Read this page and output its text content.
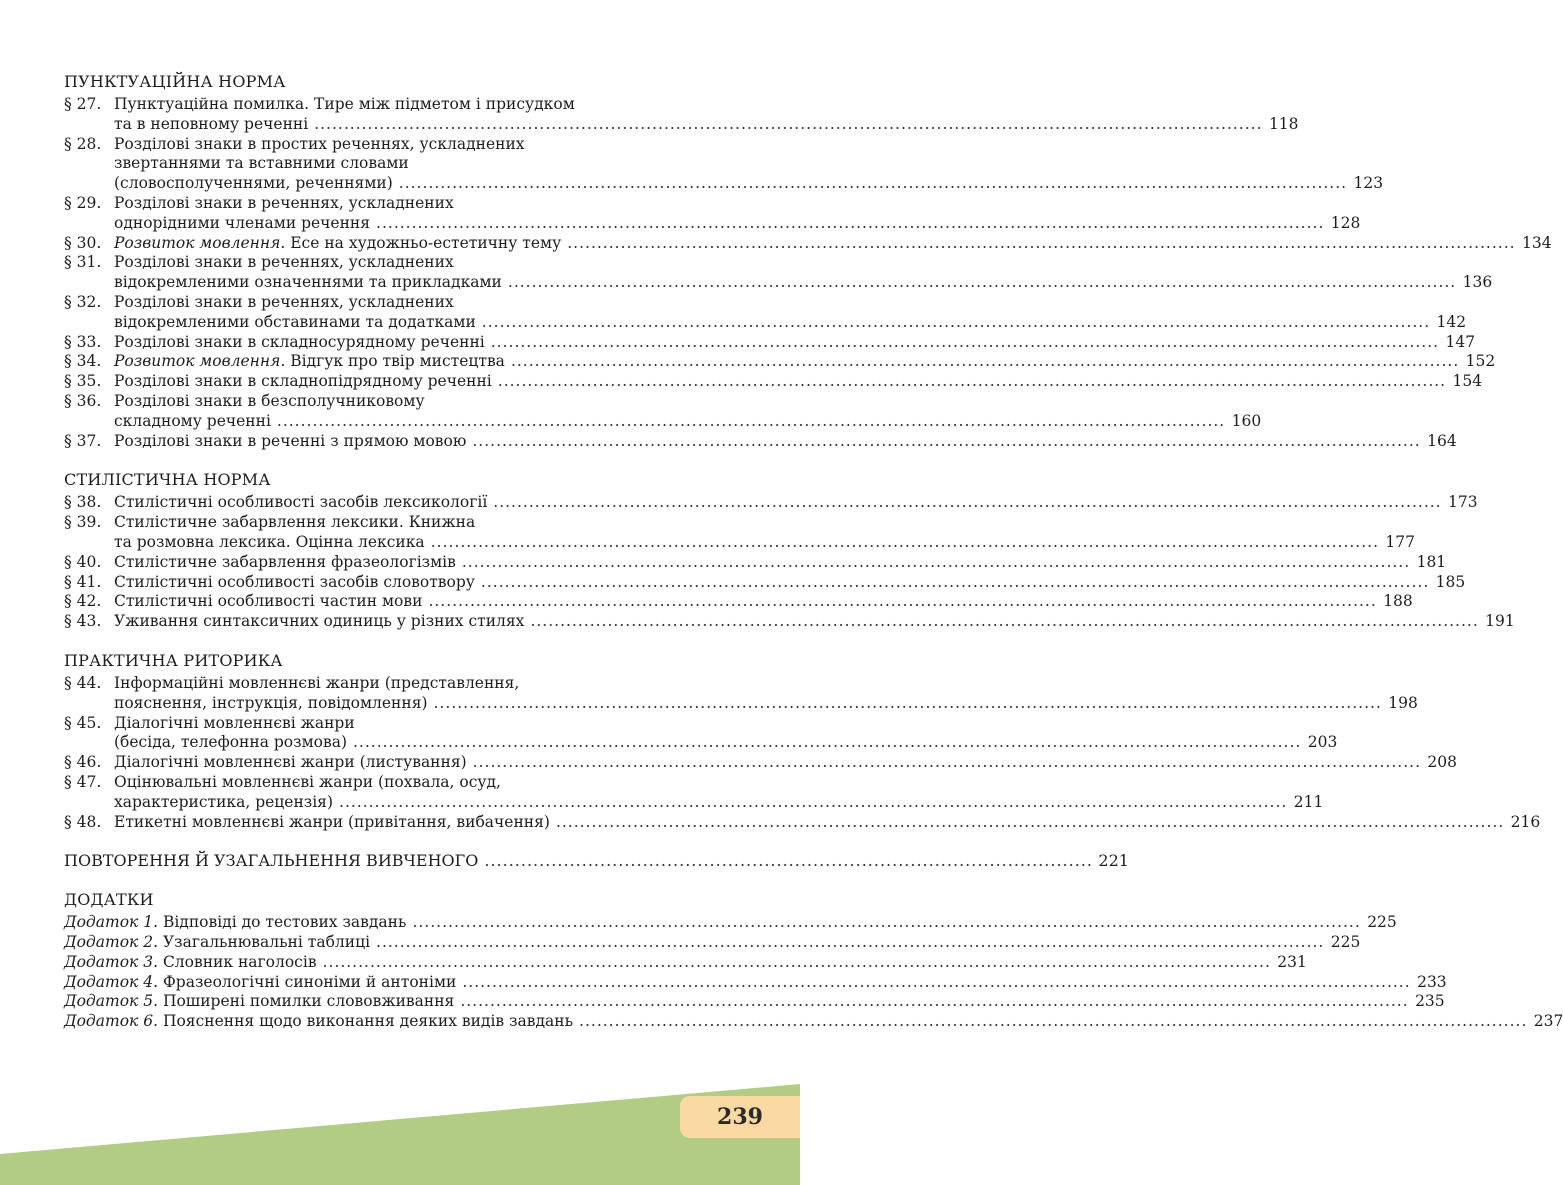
ПУНКТУАЦІЙНА НОРМА
§ 27. Пунктуаційна помилка. Тире між підметом і присудком
та в неповному реченні ................................................................................................................................................................ 118
§ 28. Розділові знаки в простих реченнях, ускладнених
звертаннями та вставними словами
(словосполученнями, реченнями) ................................................................................................................................................................ 123
§ 29. Розділові знаки в реченнях, ускладнених
однорідними членами речення ................................................................................................................................................................ 128
§ 30. Розвиток мовлення. Есе на художньо-естетичну тему ................................................................................................................................................................ 134
§ 31. Розділові знаки в реченнях, ускладнених
відокремленими означеннями та прикладками ................................................................................................................................................................ 136
§ 32. Розділові знаки в реченнях, ускладнених
відокремленими обставинами та додатками ................................................................................................................................................................ 142
§ 33. Розділові знаки в складносурядному реченні ................................................................................................................................................................ 147
§ 34. Розвиток мовлення. Відгук про твір мистецтва ................................................................................................................................................................ 152
§ 35. Розділові знаки в складнопідрядному реченні ................................................................................................................................................................ 154
§ 36. Розділові знаки в безсполучниковому
складному реченні ................................................................................................................................................................ 160
§ 37. Розділові знаки в реченні з прямою мовою ................................................................................................................................................................ 164
СТИЛІСТИЧНА НОРМА
§ 38. Стилістичні особливості засобів лексикології ................................................................................................................................................................ 173
§ 39. Стилістичне забарвлення лексики. Книжна
та розмовна лексика. Оцінна лексика ................................................................................................................................................................ 177
§ 40. Стилістичне забарвлення фразеологізмів ................................................................................................................................................................ 181
§ 41. Стилістичні особливості засобів словотвору ................................................................................................................................................................ 185
§ 42. Стилістичні особливості частин мови ................................................................................................................................................................ 188
§ 43. Уживання синтаксичних одиниць у різних стилях ................................................................................................................................................................ 191
ПРАКТИЧНА РИТОРИКА
§ 44. Інформаційні мовленнєві жанри (представлення,
пояснення, інструкція, повідомлення) ................................................................................................................................................................ 198
§ 45. Діалогічні мовленнєві жанри
(бесіда, телефонна розмова) ................................................................................................................................................................ 203
§ 46. Діалогічні мовленнєві жанри (листування) ................................................................................................................................................................ 208
§ 47. Оцінювальні мовленнєві жанри (похвала, осуд,
характеристика, рецензія) ................................................................................................................................................................ 211
§ 48. Етикетні мовленнєві жанри (привітання, вибачення) ................................................................................................................................................................ 216
ПОВТОРЕННЯ Й УЗАГАЛЬНЕННЯ ВИВЧЕНОГО .................................................................................................... 221
ДОДАТКИ
Додаток 1. Відповіді до тестових завдань ................................................................................................................................................................ 225
Додаток 2. Узагальнювальні таблиці ................................................................................................................................................................ 225
Додаток 3. Словник наголосів ................................................................................................................................................................ 231
Додаток 4. Фразеологічні синоніми й антоніми ................................................................................................................................................................ 233
Додаток 5. Поширені помилки слововживання ................................................................................................................................................................ 235
Додаток 6. Пояснення щодо виконання деяких видів завдань ................................................................................................................................................................ 237
239
